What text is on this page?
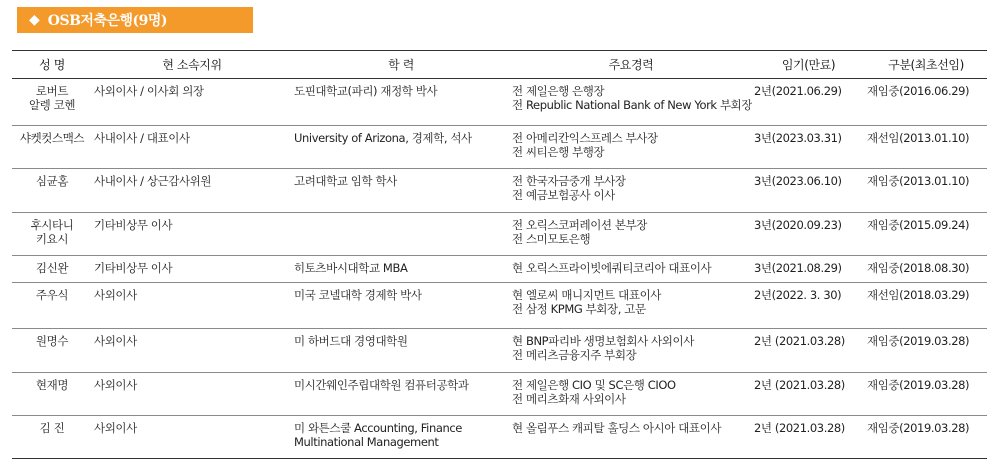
◆ OSB저축은행(9명)
성 명	현 소속지위	학 력	주요경력	임기(만료)	구분(최초선임)

로버트
알렝 코헨	사외이사 / 이사회 의장	도핀대학교(파리) 재정학 박사	전 제일은행 은행장
전 Republic National Bank of New York 부회장	2년(2021.06.29)	재임중(2016.06.29)

샤켓컷스맥스	사내이사 / 대표이사	University of Arizona, 경제학, 석사	전 아메리칸익스프레스 부사장
전 씨티은행 부행장	3년(2023.03.31)	재선임(2013.01.10)

심균홈	사내이사 / 상근감사위원	고려대학교 임학 학사	전 한국자금중개 부사장
전 예금보험공사 이사	3년(2023.06.10)	재임중(2013.01.10)

후시타니
키요시	기타비상무 이사		전 오릭스코퍼레이션 본부장
전 스미모토은행	3년(2020.09.23)	재임중(2015.09.24)

김신완	기타비상무 이사	히토츠바시대학교 MBA	현 오릭스프라이빗에쿼티코리아 대표이사	3년(2021.08.29)	재임중(2018.08.30)

주우식	사외이사	미국 코넬대학 경제학 박사	현 엘로씨 매니지먼트 대표이사
전 삼정 KPMG 부회장, 고문	2년(2022. 3. 30)	재선임(2018.03.29)

원명수	사외이사	미 하버드대 경영대학원	현 BNP파리바 생명보험회사 사외이사
전 메리츠금융지주 부회장	2년 (2021.03.28)	재임중(2019.03.28)

현재명	사외이사	미시간웨인주립대학원 컴퓨터공학과	전 제일은행 CIO 및 SC은행 CIOO
전 메리츠화재 사외이사	2년 (2021.03.28)	재임중(2019.03.28)

김 진	사외이사	미 와튼스쿨 Accounting, Finance
Multinational Management	현 올림푸스 캐피탈 홀딩스 아시아 대표이사	2년 (2021.03.28)	재임중(2019.03.28)
